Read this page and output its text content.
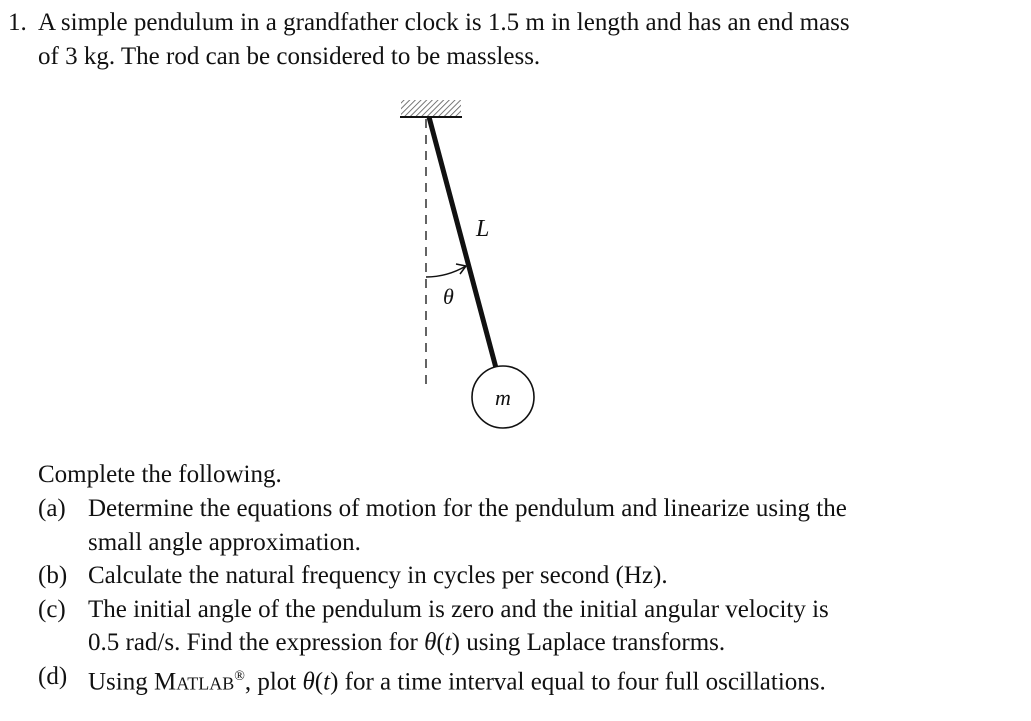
1. A simple pendulum in a grandfather clock is 1.5 m in length and has an end mass
of 3 kg. The rod can be considered to be massless.
L
θ
m
Complete the following.
(a) Determine the equations of motion for the pendulum and linearize using the
small angle approximation.
(b) Calculate the natural frequency in cycles per second (Hz).
(c) The initial angle of the pendulum is zero and the initial angular velocity is
0.5 rad/s. Find the expression for θ(t) using Laplace transforms.
(d) Using Matlab®, plot θ(t) for a time interval equal to four full oscillations.
